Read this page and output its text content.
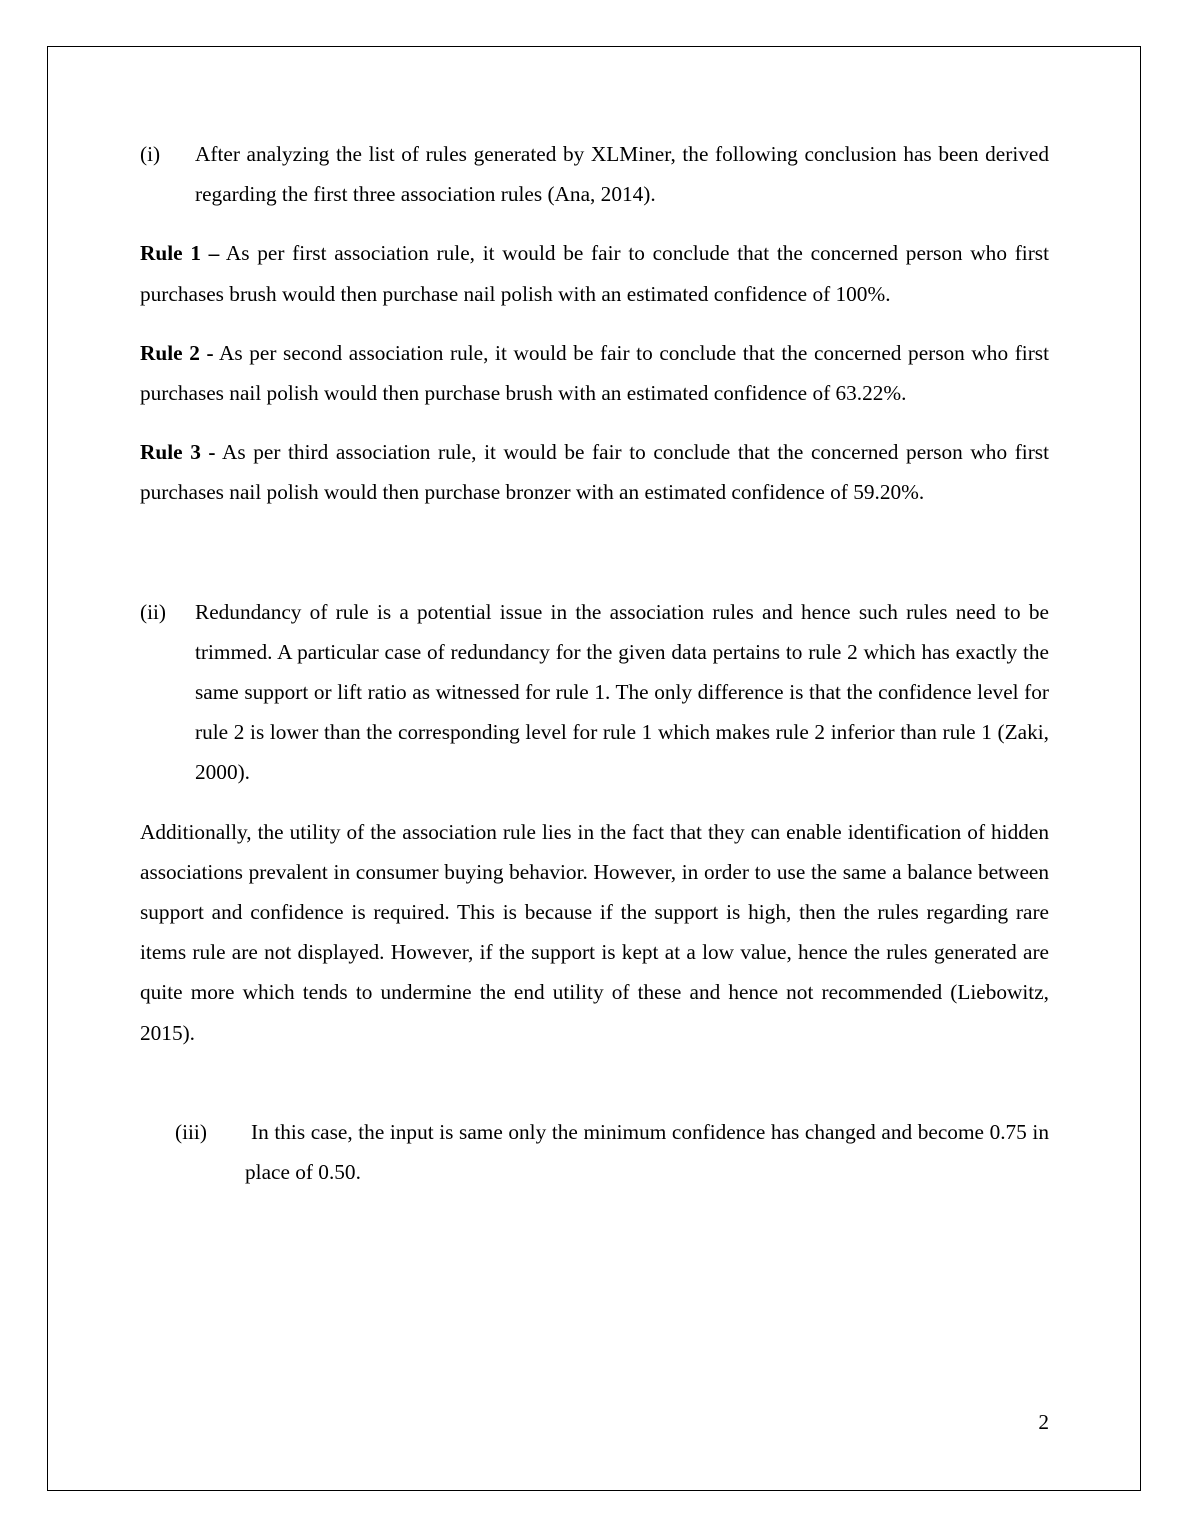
(i) After analyzing the list of rules generated by XLMiner, the following conclusion has been derived regarding the first three association rules (Ana, 2014).

Rule 1 – As per first association rule, it would be fair to conclude that the concerned person who first purchases brush would then purchase nail polish with an estimated confidence of 100%.

Rule 2 - As per second association rule, it would be fair to conclude that the concerned person who first purchases nail polish would then purchase brush with an estimated confidence of 63.22%.

Rule 3 - As per third association rule, it would be fair to conclude that the concerned person who first purchases nail polish would then purchase bronzer with an estimated confidence of 59.20%.

(ii) Redundancy of rule is a potential issue in the association rules and hence such rules need to be trimmed. A particular case of redundancy for the given data pertains to rule 2 which has exactly the same support or lift ratio as witnessed for rule 1. The only difference is that the confidence level for rule 2 is lower than the corresponding level for rule 1 which makes rule 2 inferior than rule 1 (Zaki, 2000).

Additionally, the utility of the association rule lies in the fact that they can enable identification of hidden associations prevalent in consumer buying behavior. However, in order to use the same a balance between support and confidence is required. This is because if the support is high, then the rules regarding rare items rule are not displayed. However, if the support is kept at a low value, hence the rules generated are quite more which tends to undermine the end utility of these and hence not recommended (Liebowitz, 2015).

(iii) In this case, the input is same only the minimum confidence has changed and become 0.75 in place of 0.50.
2
